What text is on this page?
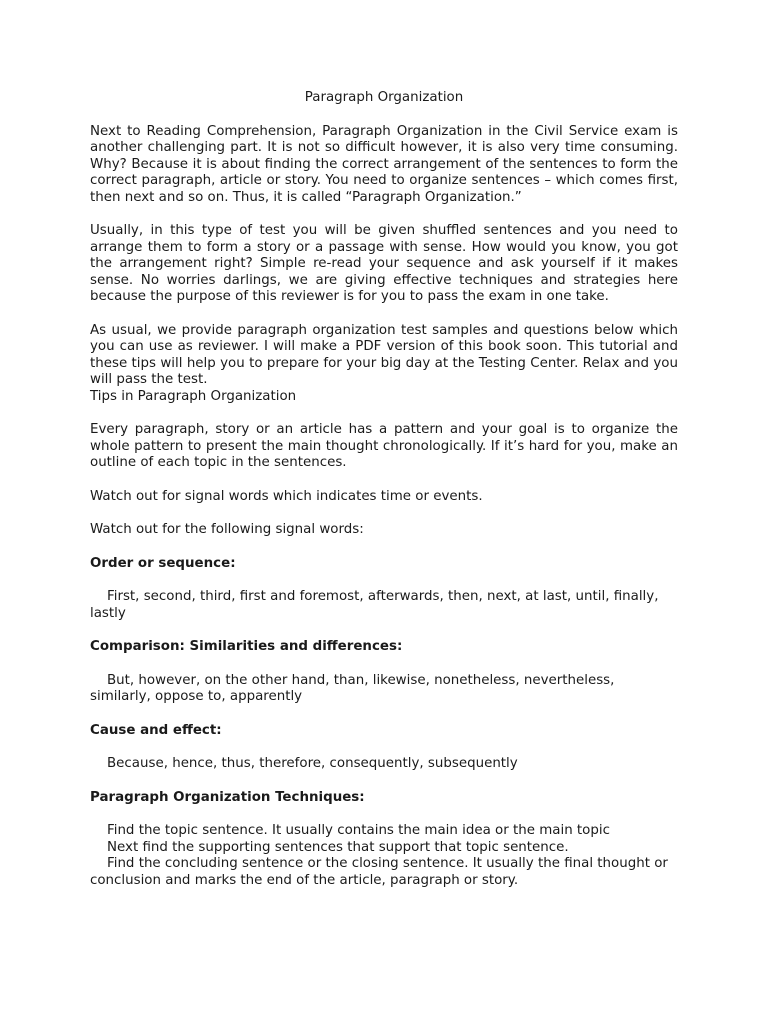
Paragraph Organization

Next to Reading Comprehension, Paragraph Organization in the Civil Service exam is another challenging part. It is not so difficult however, it is also very time consuming. Why? Because it is about finding the correct arrangement of the sentences to form the correct paragraph, article or story. You need to organize sentences – which comes first, then next and so on. Thus, it is called “Paragraph Organization.”

Usually, in this type of test you will be given shuffled sentences and you need to arrange them to form a story or a passage with sense. How would you know, you got the arrangement right? Simple re-read your sequence and ask yourself if it makes sense. No worries darlings, we are giving effective techniques and strategies here because the purpose of this reviewer is for you to pass the exam in one take.

As usual, we provide paragraph organization test samples and questions below which you can use as reviewer. I will make a PDF version of this book soon. This tutorial and these tips will help you to prepare for your big day at the Testing Center. Relax and you will pass the test.

Tips in Paragraph Organization

Every paragraph, story or an article has a pattern and your goal is to organize the whole pattern to present the main thought chronologically. If it’s hard for you, make an outline of each topic in the sentences.

Watch out for signal words which indicates time or events.

Watch out for the following signal words:

Order or sequence:

First, second, third, first and foremost, afterwards, then, next, at last, until, finally, lastly

Comparison: Similarities and differences:

But, however, on the other hand, than, likewise, nonetheless, nevertheless, similarly, oppose to, apparently

Cause and effect:

Because, hence, thus, therefore, consequently, subsequently

Paragraph Organization Techniques:

Find the topic sentence. It usually contains the main idea or the main topic

Next find the supporting sentences that support that topic sentence.

Find the concluding sentence or the closing sentence. It usually the final thought or conclusion and marks the end of the article, paragraph or story.
